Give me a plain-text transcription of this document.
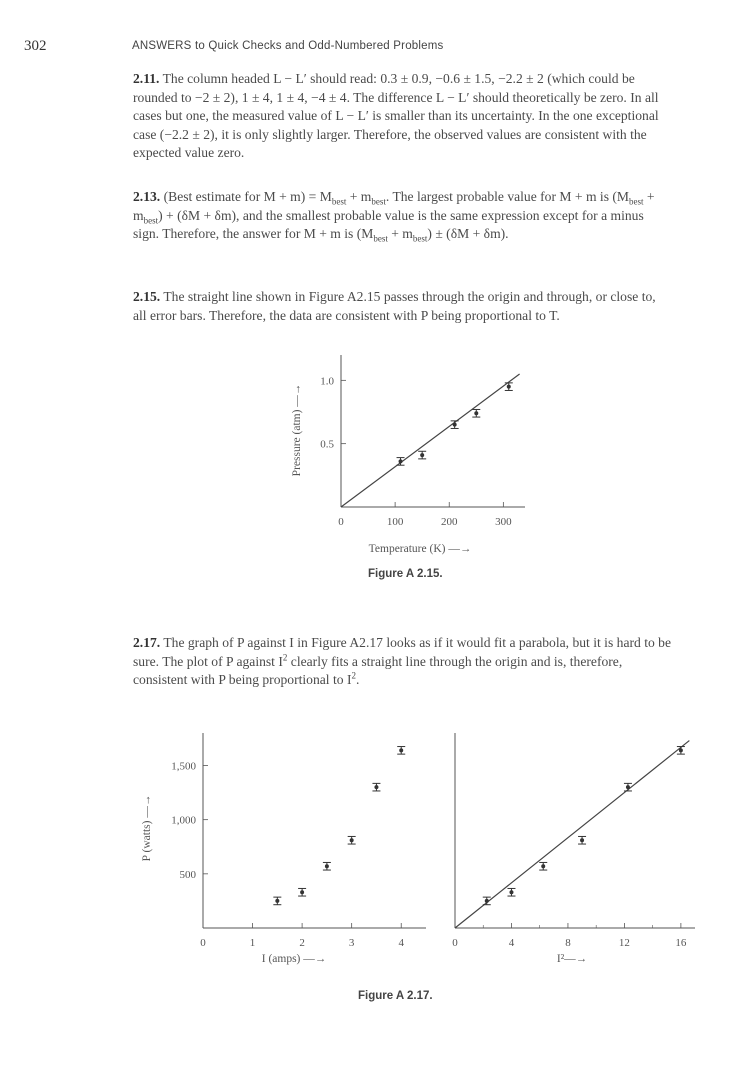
302	ANSWERS to Quick Checks and Odd-Numbered Problems

2.11. The column headed L − L′ should read: 0.3 ± 0.9, −0.6 ± 1.5, −2.2 ± 2 (which could be rounded to −2 ± 2), 1 ± 4, 1 ± 4, −4 ± 4. The difference L − L′ should theoretically be zero. In all cases but one, the measured value of L − L′ is smaller than its uncertainty. In the one exceptional case (−2.2 ± 2), it is only slightly larger. Therefore, the observed values are consistent with the expected value zero.

2.13. (Best estimate for $M + m) = M_{best} + m_{best}$. The largest probable value for M + m is $(M_{best} + m_{best}) + (\delta M + \delta m)$, and the smallest probable value is the same expression except for a minus sign. Therefore, the answer for M + m is $(M_{best} + m_{best}) \pm (\delta M + \delta m)$.

2.15. The straight line shown in Figure A2.15 passes through the origin and through, or close to, all error bars. Therefore, the data are consistent with P being proportional to T.

0	100	200	300
0.5
1.0
Temperature (K) —→
Pressure (atm) —→
Figure A 2.15.

2.17. The graph of P against I in Figure A2.17 looks as if it would fit a parabola, but it is hard to be sure. The plot of P against $I^2$ clearly fits a straight line through the origin and is, therefore, consistent with P being proportional to $I^2$.

0	1	2	3	4
500
1,000
1,500
I (amps) —→
P (watts) —→
0	4	8	12	16
I²—→
Figure A 2.17.
